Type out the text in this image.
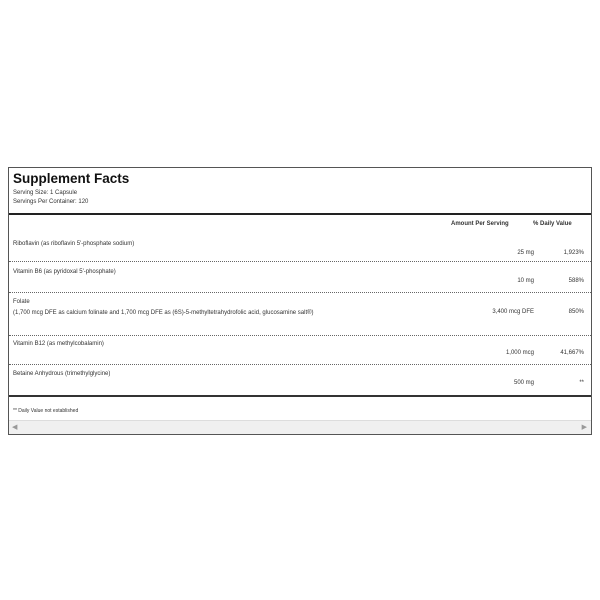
Supplement Facts
Serving Size: 1 Capsule
Servings Per Container: 120
Amount Per Serving	% Daily Value
Riboflavin (as riboflavin 5'-phosphate sodium)
25 mg	1,923%
Vitamin B6 (as pyridoxal 5'-phosphate)
10 mg	588%
Folate
(1,700 mcg DFE as calcium folinate and 1,700 mcg DFE as (6S)-5-methyltetrahydrofolic acid, glucosamine salt®)	3,400 mcg DFE	850%
Vitamin B12 (as methylcobalamin)
1,000 mcg	41,667%
Betaine Anhydrous (trimethylglycine)
500 mg	**
** Daily Value not established
◀	▶
